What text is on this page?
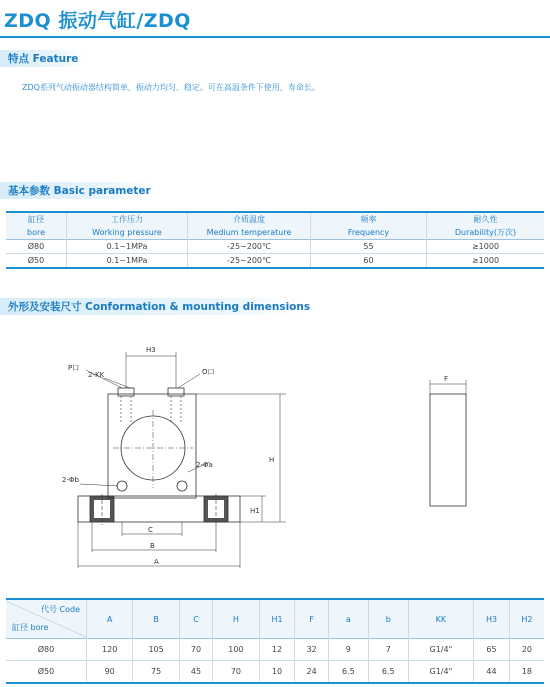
ZDQ 振动气缸/ZDQ
特点 Feature
ZDQ系列气动振动器结构简单，振动力均匀、稳定。可在高温条件下使用，寿命长。
基本参数 Basic parameter
缸径	工作压力	介质温度	频率	耐久性
bore	Working pressure	Medium temperature	Frequency	Durability(万次)
Ø80	0.1~1MPa	-25~200℃	55	≥1000
Ø50	0.1~1MPa	-25~200℃	60	≥1000
外形及安装尺寸 Conformation & mounting dimensions
H3
P口
2-KK	O口
2-Φa
2-Φb
H
H1
C
B
A
F
代号 Code
缸径 bore	A	B	C	H	H1	F	a	b	KK	H3	H2
Ø80	120	105	70	100	12	32	9	7	G1/4"	65	20
Ø50	90	75	45	70	10	24	6.5	6.5	G1/4"	44	18
